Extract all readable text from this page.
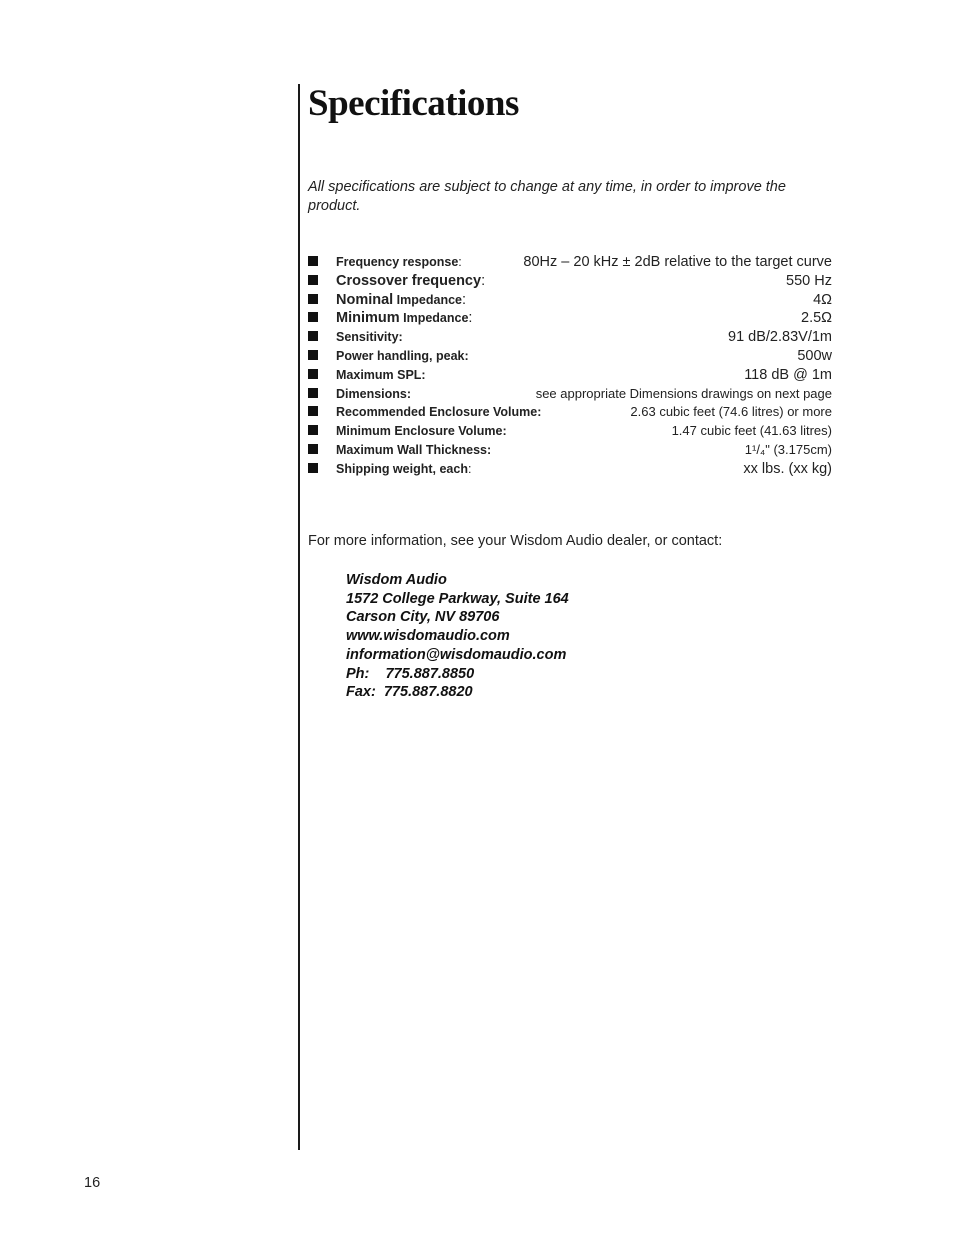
Specifications

All specifications are subject to change at any time, in order to improve the product.

Frequency response:	80Hz – 20 kHz ± 2dB relative to the target curve
Crossover frequency:	550 Hz
Nominal Impedance:	4Ω
Minimum Impedance:	2.5Ω
Sensitivity:	91 dB/2.83V/1m
Power handling, peak:	500w
Maximum SPL:	118 dB @ 1m
Dimensions:	see appropriate Dimensions drawings on next page
Recommended Enclosure Volume:	2.63 cubic feet (74.6 litres) or more
Minimum Enclosure Volume:	1.47 cubic feet (41.63 litres)
Maximum Wall Thickness:	1¹/₄" (3.175cm)
Shipping weight, each:	xx lbs. (xx kg)

For more information, see your Wisdom Audio dealer, or contact:

Wisdom Audio
1572 College Parkway, Suite 164
Carson City, NV 89706
www.wisdomaudio.com
information@wisdomaudio.com
Ph:    775.887.8850
Fax:  775.887.8820
16
